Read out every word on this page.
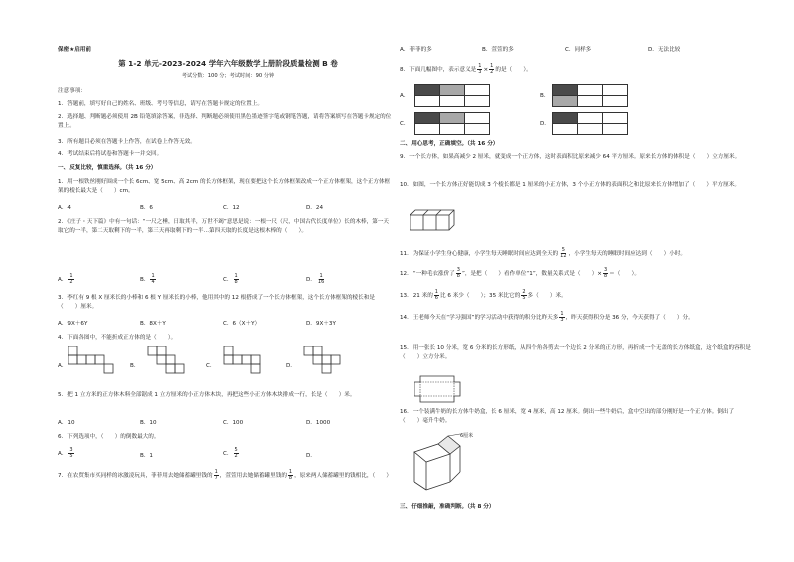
保密★启用前
第 1-2 单元-2023-2024 学年六年级数学上册阶段质量检测 B 卷
考试分数：100 分；考试时间：90 分钟
注意事项：
1．答题前，填写好自己的姓名、班级、考号等信息，请写在答题卡规定的位置上。
2．选择题、判断题必须使用 2B 铅笔填涂答案，非选择、判断题必须使用黑色墨迹签字笔或钢笔答题，请将答案填写在答题卡规定的位置上。
3．所有题目必须在答题卡上作答，在试卷上作答无效。
4．考试结束后将试卷和答题卡一并交回。
一、反复比较，慎重选择。（共 16 分）
1．用一根铁丝刚好围成一个长 6cm、宽 5cm、高 2cm 的长方体框架，现在要把这个长方体框架改成一个正方体框架，这个正方体框架的棱长最大是（　　）cm。
A．4	B．6	C．12	D．24
2．《庄子・天下篇》中有一句话：“一尺之棰，日取其半，万世不竭”意思是说：一根一尺（尺，中国古代长度单位）长的木棒，第一天取它的一半，第二天取剩下的一半，第三天再取剩下的一半…第四天取的长度是这根木棒的（　　）。
A． $\frac{1}{2}$	B． $\frac{1}{4}$	C． $\frac{1}{8}$	D． $\frac{1}{16}$
3．李红有 9 根 X 厘米长的小棒和 6 根 Y 厘米长的小棒，他用其中的 12 根搭成了一个长方体框架，这个长方体框架的棱长和是（　　）厘米。
A．9X＋6Y	B．8X＋Y	C．6（X＋Y）	D．9X＋3Y
4．下面各图中，不能折成正方体的是（　　）。
A．	B．	C．	D．
5．把 1 立方米的正方体木料全部锯成 1 立方厘米的小正方体木块，再把这些小正方体木块排成一行，长是（　　）米。
A．10	B．10	C．100	D．1000
6．下列选项中，（　　）的倒数最大的。
A． $\frac{3}{5}$	B．1	C． $\frac{5}{2}$	D．
7．在农贸集市买同样的冰激凌玩具，菲菲用去她储蓄罐里钱的 $\frac{1}{7}$ ，萱萱用去她储蓄罐里钱的 $\frac{1}{8}$ ，原来两人储蓄罐里的钱相比，（　　）
A．菲菲的多	B．萱萱的多	C．同样多	D．无法比较
8．下面几幅图中，表示意义是 $\frac{1}{3} \times \frac{1}{2}$ 的是（　　）。
A．

			B．

C．

			D．

二、用心思考，正确填空。（共 16 分）
9．一个长方体，如果高减少 2 厘米，就变成一个正方体，这时表面积比原来减少 64 平方厘米。原来长方体的体积是（　　）立方厘米。
10．如图，一个长方体正好能切成 3 个棱长都是 1 厘米的小正方体，3 个小正方体的表面积之和比原来长方体增加了（　　）平方厘米。
11．为保证小学生身心健康，小学生每天睡眠时间应达到全天的 $\frac{5}{12}$ ，小学生每天的睡眠时间应达到（　　）小时。
12．“一种毛衣涨价了 $\frac{3}{8}$ ”，是把（　　）看作单位“1”，数量关系式是（　　）× $\frac{3}{8}$ ＝（　　）。
13．21 米的 $\frac{1}{6}$ 比 6 米少（　　）；35 米比它的 $\frac{2}{5}$ 多（　　）米。
14．王老师今天在“学习强国”的学习活动中获得的积分比昨天多 $\frac{1}{3}$ ，昨天获得积分是 36 分，今天获得了（　　）分。
15．用一张长 10 分米，宽 6 分米的长方形纸，从四个角各剪去一个边长 2 分米的正方形，再折成一个无盖的长方体纸盒，这个纸盒的容积是（　　）立方分米。
16．一个装满牛奶的长方体牛奶盒，长 6 厘米，宽 4 厘米，高 12 厘米。倒出一些牛奶后，盒中空出的部分刚好是一个正方体。倒出了（　　）毫升牛奶。
6厘米
三、仔细推敲，准确判断。（共 8 分）
